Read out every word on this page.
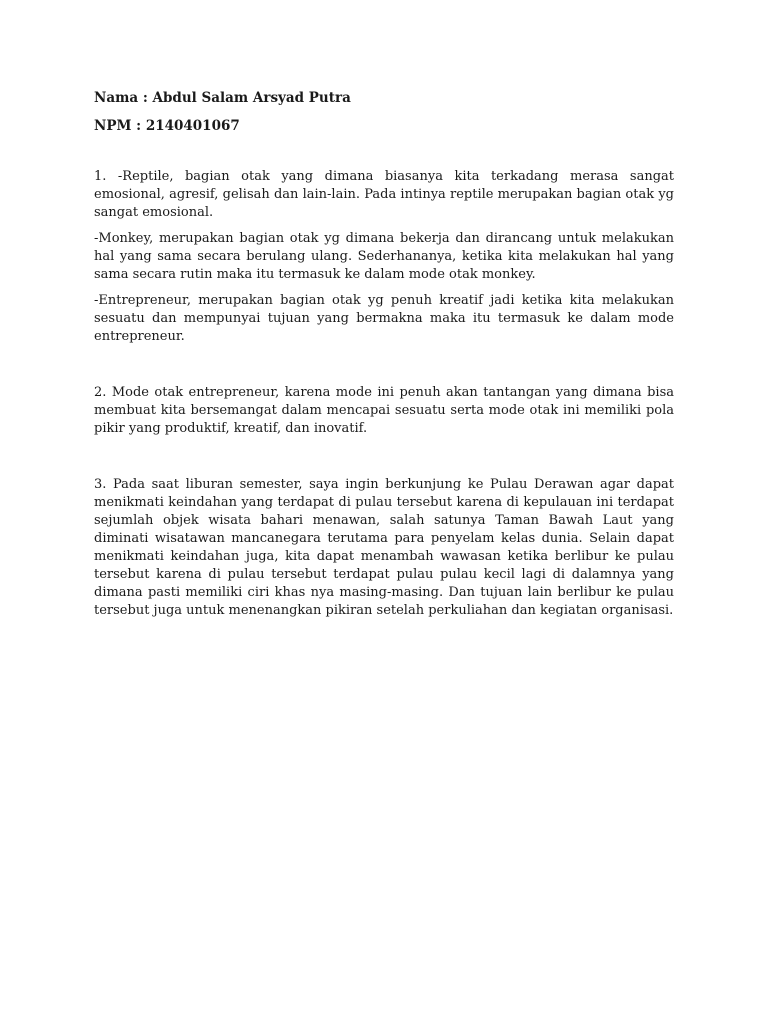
Nama : Abdul Salam Arsyad Putra

NPM : 2140401067

1. -Reptile, bagian otak yang dimana biasanya kita terkadang merasa sangat emosional, agresif, gelisah dan lain-lain. Pada intinya reptile merupakan bagian otak yg sangat emosional.

-Monkey, merupakan bagian otak yg dimana bekerja dan dirancang untuk melakukan hal yang sama secara berulang ulang. Sederhananya, ketika kita melakukan hal yang sama secara rutin maka itu termasuk ke dalam mode otak monkey.

-Entrepreneur, merupakan bagian otak yg penuh kreatif jadi ketika kita melakukan sesuatu dan mempunyai tujuan yang bermakna maka itu termasuk ke dalam mode entrepreneur.

2. Mode otak entrepreneur, karena mode ini penuh akan tantangan yang dimana bisa membuat kita bersemangat dalam mencapai sesuatu serta mode otak ini memiliki pola pikir yang produktif, kreatif, dan inovatif.

3. Pada saat liburan semester, saya ingin berkunjung ke Pulau Derawan agar dapat menikmati keindahan yang terdapat di pulau tersebut karena di kepulauan ini terdapat sejumlah objek wisata bahari menawan, salah satunya Taman Bawah Laut yang diminati wisatawan mancanegara terutama para penyelam kelas dunia. Selain dapat menikmati keindahan juga, kita dapat menambah wawasan ketika berlibur ke pulau tersebut karena di pulau tersebut terdapat pulau pulau kecil lagi di dalamnya yang dimana pasti memiliki ciri khas nya masing-masing. Dan tujuan lain berlibur ke pulau tersebut juga untuk menenangkan pikiran setelah perkuliahan dan kegiatan organisasi.
